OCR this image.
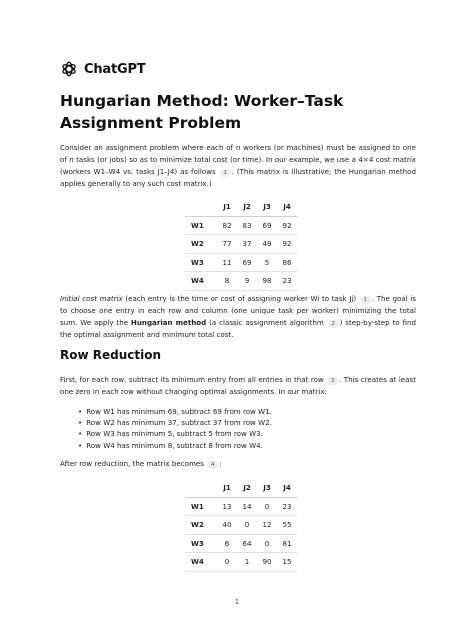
ChatGPT
Hungarian Method: Worker–Task Assignment Problem

Consider an assignment problem where each of n workers (or machines) must be assigned to one of n tasks (or jobs) so as to minimize total cost (or time). In our example, we use a 4×4 cost matrix (workers W1–W4 vs. tasks J1–J4) as follows 1 . (This matrix is illustrative; the Hungarian method applies generally to any such cost matrix.)

	J1	J2	J3	J4
W1	82	83	69	92
W2	77	37	49	92
W3	11	69	5	86
W4	8	9	98	23

Initial cost matrix (each entry is the time or cost of assigning worker Wi to task Jj) 1 . The goal is to choose one entry in each row and column (one unique task per worker) minimizing the total sum. We apply the Hungarian method (a classic assignment algorithm 2 ) step-by-step to find the optimal assignment and minimum total cost.

Row Reduction

First, for each row, subtract its minimum entry from all entries in that row 3 . This creates at least one zero in each row without changing optimal assignments. In our matrix:

• Row W1 has minimum 69, subtract 69 from row W1.
• Row W2 has minimum 37, subtract 37 from row W2.
• Row W3 has minimum 5, subtract 5 from row W3.
• Row W4 has minimum 8, subtract 8 from row W4.

After row reduction, the matrix becomes 4 :

	J1	J2	J3	J4
W1	13	14	0	23
W2	40	0	12	55
W3	6	64	0	81
W4	0	1	90	15
1
